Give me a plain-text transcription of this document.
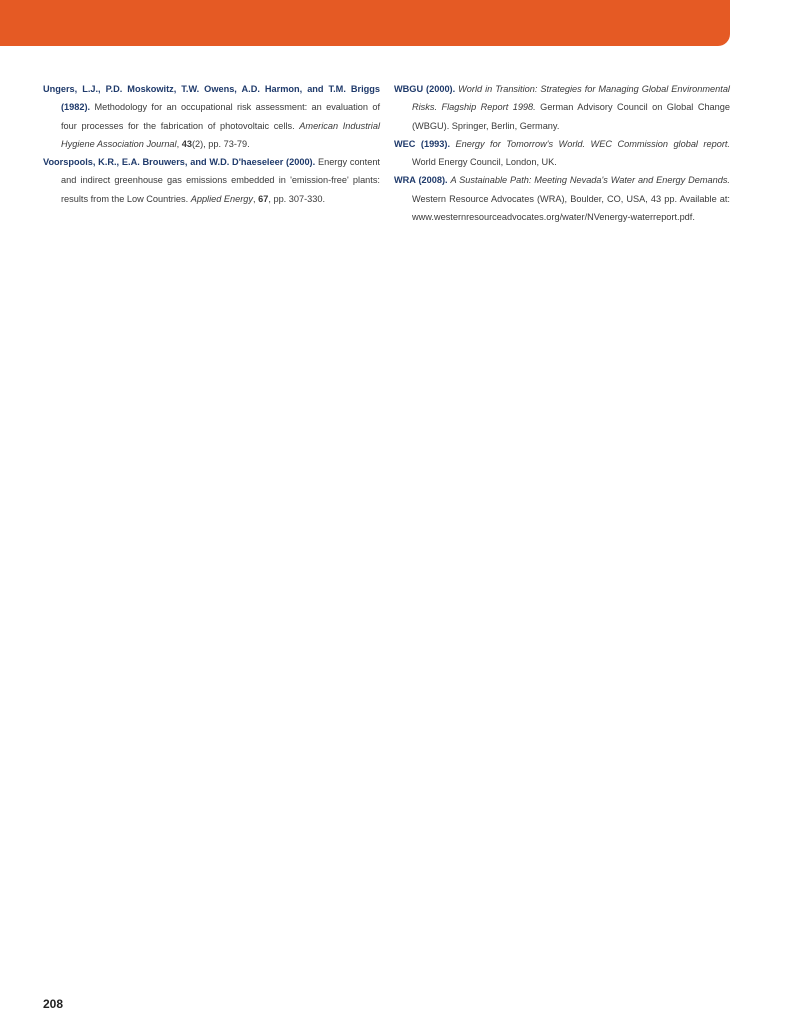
Ungers, L.J., P.D. Moskowitz, T.W. Owens, A.D. Harmon, and T.M. Briggs (1982). Methodology for an occupational risk assessment: an evaluation of four processes for the fabrication of photovoltaic cells. American Industrial Hygiene Association Journal, 43(2), pp. 73-79.

Voorspools, K.R., E.A. Brouwers, and W.D. D'haeseleer (2000). Energy content and indirect greenhouse gas emissions embedded in 'emission-free' plants: results from the Low Countries. Applied Energy, 67, pp. 307-330.

WBGU (2000). World in Transition: Strategies for Managing Global Environmental Risks. Flagship Report 1998. German Advisory Council on Global Change (WBGU). Springer, Berlin, Germany.

WEC (1993). Energy for Tomorrow's World. WEC Commission global report. World Energy Council, London, UK.

WRA (2008). A Sustainable Path: Meeting Nevada's Water and Energy Demands. Western Resource Advocates (WRA), Boulder, CO, USA, 43 pp. Available at: www.westernresourceadvocates.org/water/NVenergy-waterreport.pdf.

208
